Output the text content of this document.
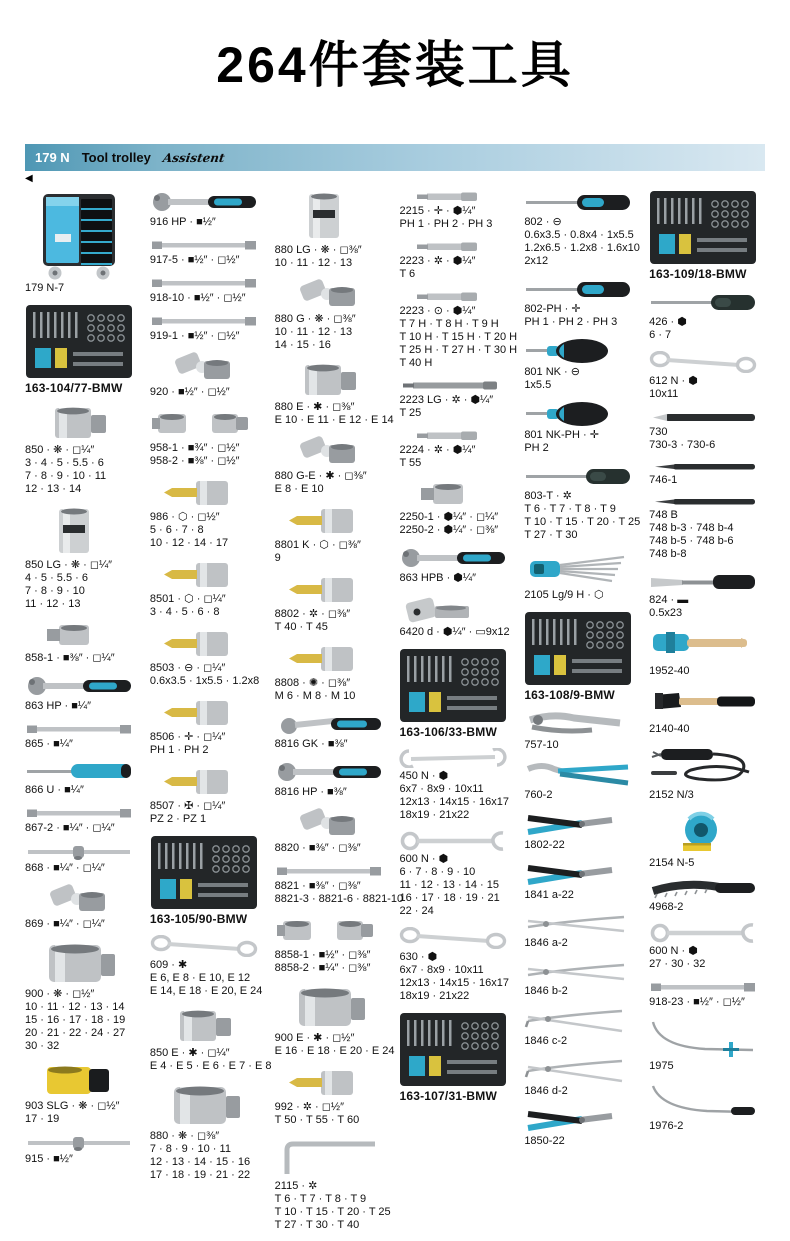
264件套装工具
179 N Tool trolley Assistent
◀
179 N-7
163-104/77-BMW
850 · ❋ · ◻¼″
3 · 4 · 5 · 5.5 · 6
7 · 8 · 9 · 10 · 11
12 · 13 · 14
850 LG · ❋ · ◻¼″
4 · 5 · 5.5 · 6
7 · 8 · 9 · 10
11 · 12 · 13
858-1 · ■⅜″ · ◻¼″
863 HP · ■¼″
865 · ■¼″
866 U · ■¼″
867-2 · ■¼″ · ◻¼″
868 · ■¼″ · ◻¼″
869 · ■¼″ · ◻¼″
900 · ❋ · ◻½″
10 · 11 · 12 · 13 · 14
15 · 16 · 17 · 18 · 19
20 · 21 · 22 · 24 · 27
30 · 32
903 SLG · ❋ · ◻½″
17 · 19
915 · ■½″
916 HP · ■½″
917-5 · ■½″ · ◻½″
918-10 · ■½″ · ◻½″
919-1 · ■½″ · ◻½″
920 · ■½″ · ◻½″
958-1 · ■¾″ · ◻½″
958-2 · ■⅜″ · ◻½″
986 · ⬡ · ◻½″
5 · 6 · 7 · 8
10 · 12 · 14 · 17
8501 · ⬡ · ◻¼″
3 · 4 · 5 · 6 · 8
8503 · ⊖ · ◻¼″
0.6x3.5 · 1x5.5 · 1.2x8
8506 · ✛ · ◻¼″
PH 1 · PH 2
8507 · ✠ · ◻¼″
PZ 2 · PZ 1
163-105/90-BMW
609 · ✱
E 6, E 8 · E 10, E 12
E 14, E 18 · E 20, E 24
850 E · ✱ · ◻¼″
E 4 · E 5 · E 6 · E 7 · E 8
880 · ❋ · ◻⅜″
7 · 8 · 9 · 10 · 11
12 · 13 · 14 · 15 · 16
17 · 18 · 19 · 21 · 22
880 LG · ❋ · ◻⅜″
10 · 11 · 12 · 13
880 G · ❋ · ◻⅜″
10 · 11 · 12 · 13
14 · 15 · 16
880 E · ✱ · ◻⅜″
E 10 · E 11 · E 12 · E 14
880 G-E · ✱ · ◻⅜″
E 8 · E 10
8801 K · ⬡ · ◻⅜″
9
8802 · ✲ · ◻⅜″
T 40 · T 45
8808 · ✺ · ◻⅜″
M 6 · M 8 · M 10
8816 GK · ■⅜″
8816 HP · ■⅜″
8820 · ■⅜″ · ◻⅜″
8821 · ■⅜″ · ◻⅜″
8821-3 · 8821-6 · 8821-10
8858-1 · ■½″ · ◻⅜″
8858-2 · ■¼″ · ◻⅜″
900 E · ✱ · ◻½″
E 16 · E 18 · E 20 · E 24
992 · ✲ · ◻½″
T 50 · T 55 · T 60
2115 · ✲
T 6 · T 7 · T 8 · T 9
T 10 · T 15 · T 20 · T 25
T 27 · T 30 · T 40
2215 · ✛ · ⬢¼″
PH 1 · PH 2 · PH 3
2223 · ✲ · ⬢¼″
T 6
2223 · ⊙ · ⬢¼″
T 7 H · T 8 H · T 9 H
T 10 H · T 15 H · T 20 H
T 25 H · T 27 H · T 30 H
T 40 H
2223 LG · ✲ · ⬢¼″
T 25
2224 · ✲ · ⬢¼″
T 55
2250-1 · ⬢¼″ · ◻¼″
2250-2 · ⬢¼″ · ◻⅜″
863 HPB · ⬢¼″
6420 d · ⬢¼″ · ▭9x12
163-106/33-BMW
450 N · ⬢
6x7 · 8x9 · 10x11
12x13 · 14x15 · 16x17
18x19 · 21x22
600 N · ⬢
6 · 7 · 8 · 9 · 10
11 · 12 · 13 · 14 · 15
16 · 17 · 18 · 19 · 21
22 · 24
630 · ⬢
6x7 · 8x9 · 10x11
12x13 · 14x15 · 16x17
18x19 · 21x22
163-107/31-BMW
802 · ⊖
0.6x3.5 · 0.8x4 · 1x5.5
1.2x6.5 · 1.2x8 · 1.6x10
2x12
802-PH · ✛
PH 1 · PH 2 · PH 3
801 NK · ⊖
1x5.5
801 NK-PH · ✛
PH 2
803-T · ✲
T 6 · T 7 · T 8 · T 9
T 10 · T 15 · T 20 · T 25
T 27 · T 30
2105 Lg/9 H · ⬡
163-108/9-BMW
757-10
760-2
1802-22
1841 a-22
1846 a-2
1846 b-2
1846 c-2
1846 d-2
1850-22
163-109/18-BMW
426 · ⬢
6 · 7
612 N · ⬢
10x11
730
730-3 · 730-6
746-1
748 B
748 b-3 · 748 b-4
748 b-5 · 748 b-6
748 b-8
824 · ▬
0.5x23
1952-40
2140-40
2152 N/3
2154 N-5
4968-2
600 N · ⬢
27 · 30 · 32
918-23 · ■½″ · ◻½″
1975
1976-2
